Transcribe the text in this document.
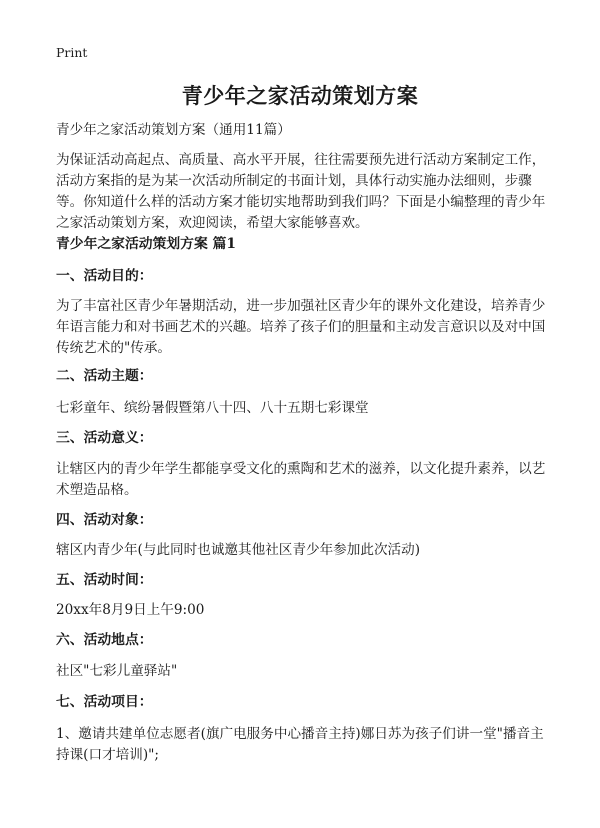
Print
青少年之家活动策划方案
青少年之家活动策划方案（通用11篇）
为保证活动高起点、高质量、高水平开展，往往需要预先进行活动方案制定工作，活动方案指的是为某一次活动所制定的书面计划，具体行动实施办法细则，步骤等。你知道什么样的活动方案才能切实地帮助到我们吗？下面是小编整理的青少年之家活动策划方案，欢迎阅读，希望大家能够喜欢。
青少年之家活动策划方案 篇1
一、活动目的：
为了丰富社区青少年暑期活动，进一步加强社区青少年的课外文化建设，培养青少年语言能力和对书画艺术的兴趣。培养了孩子们的胆量和主动发言意识以及对中国传统艺术的"传承。
二、活动主题：
七彩童年、缤纷暑假暨第八十四、八十五期七彩课堂
三、活动意义：
让辖区内的青少年学生都能享受文化的熏陶和艺术的滋养，以文化提升素养，以艺术塑造品格。
四、活动对象：
辖区内青少年(与此同时也诚邀其他社区青少年参加此次活动)
五、活动时间：
20xx年8月9日上午9:00
六、活动地点：
社区"七彩儿童驿站"
七、活动项目：
1、邀请共建单位志愿者(旗广电服务中心播音主持)娜日苏为孩子们讲一堂"播音主持课(口才培训)";
